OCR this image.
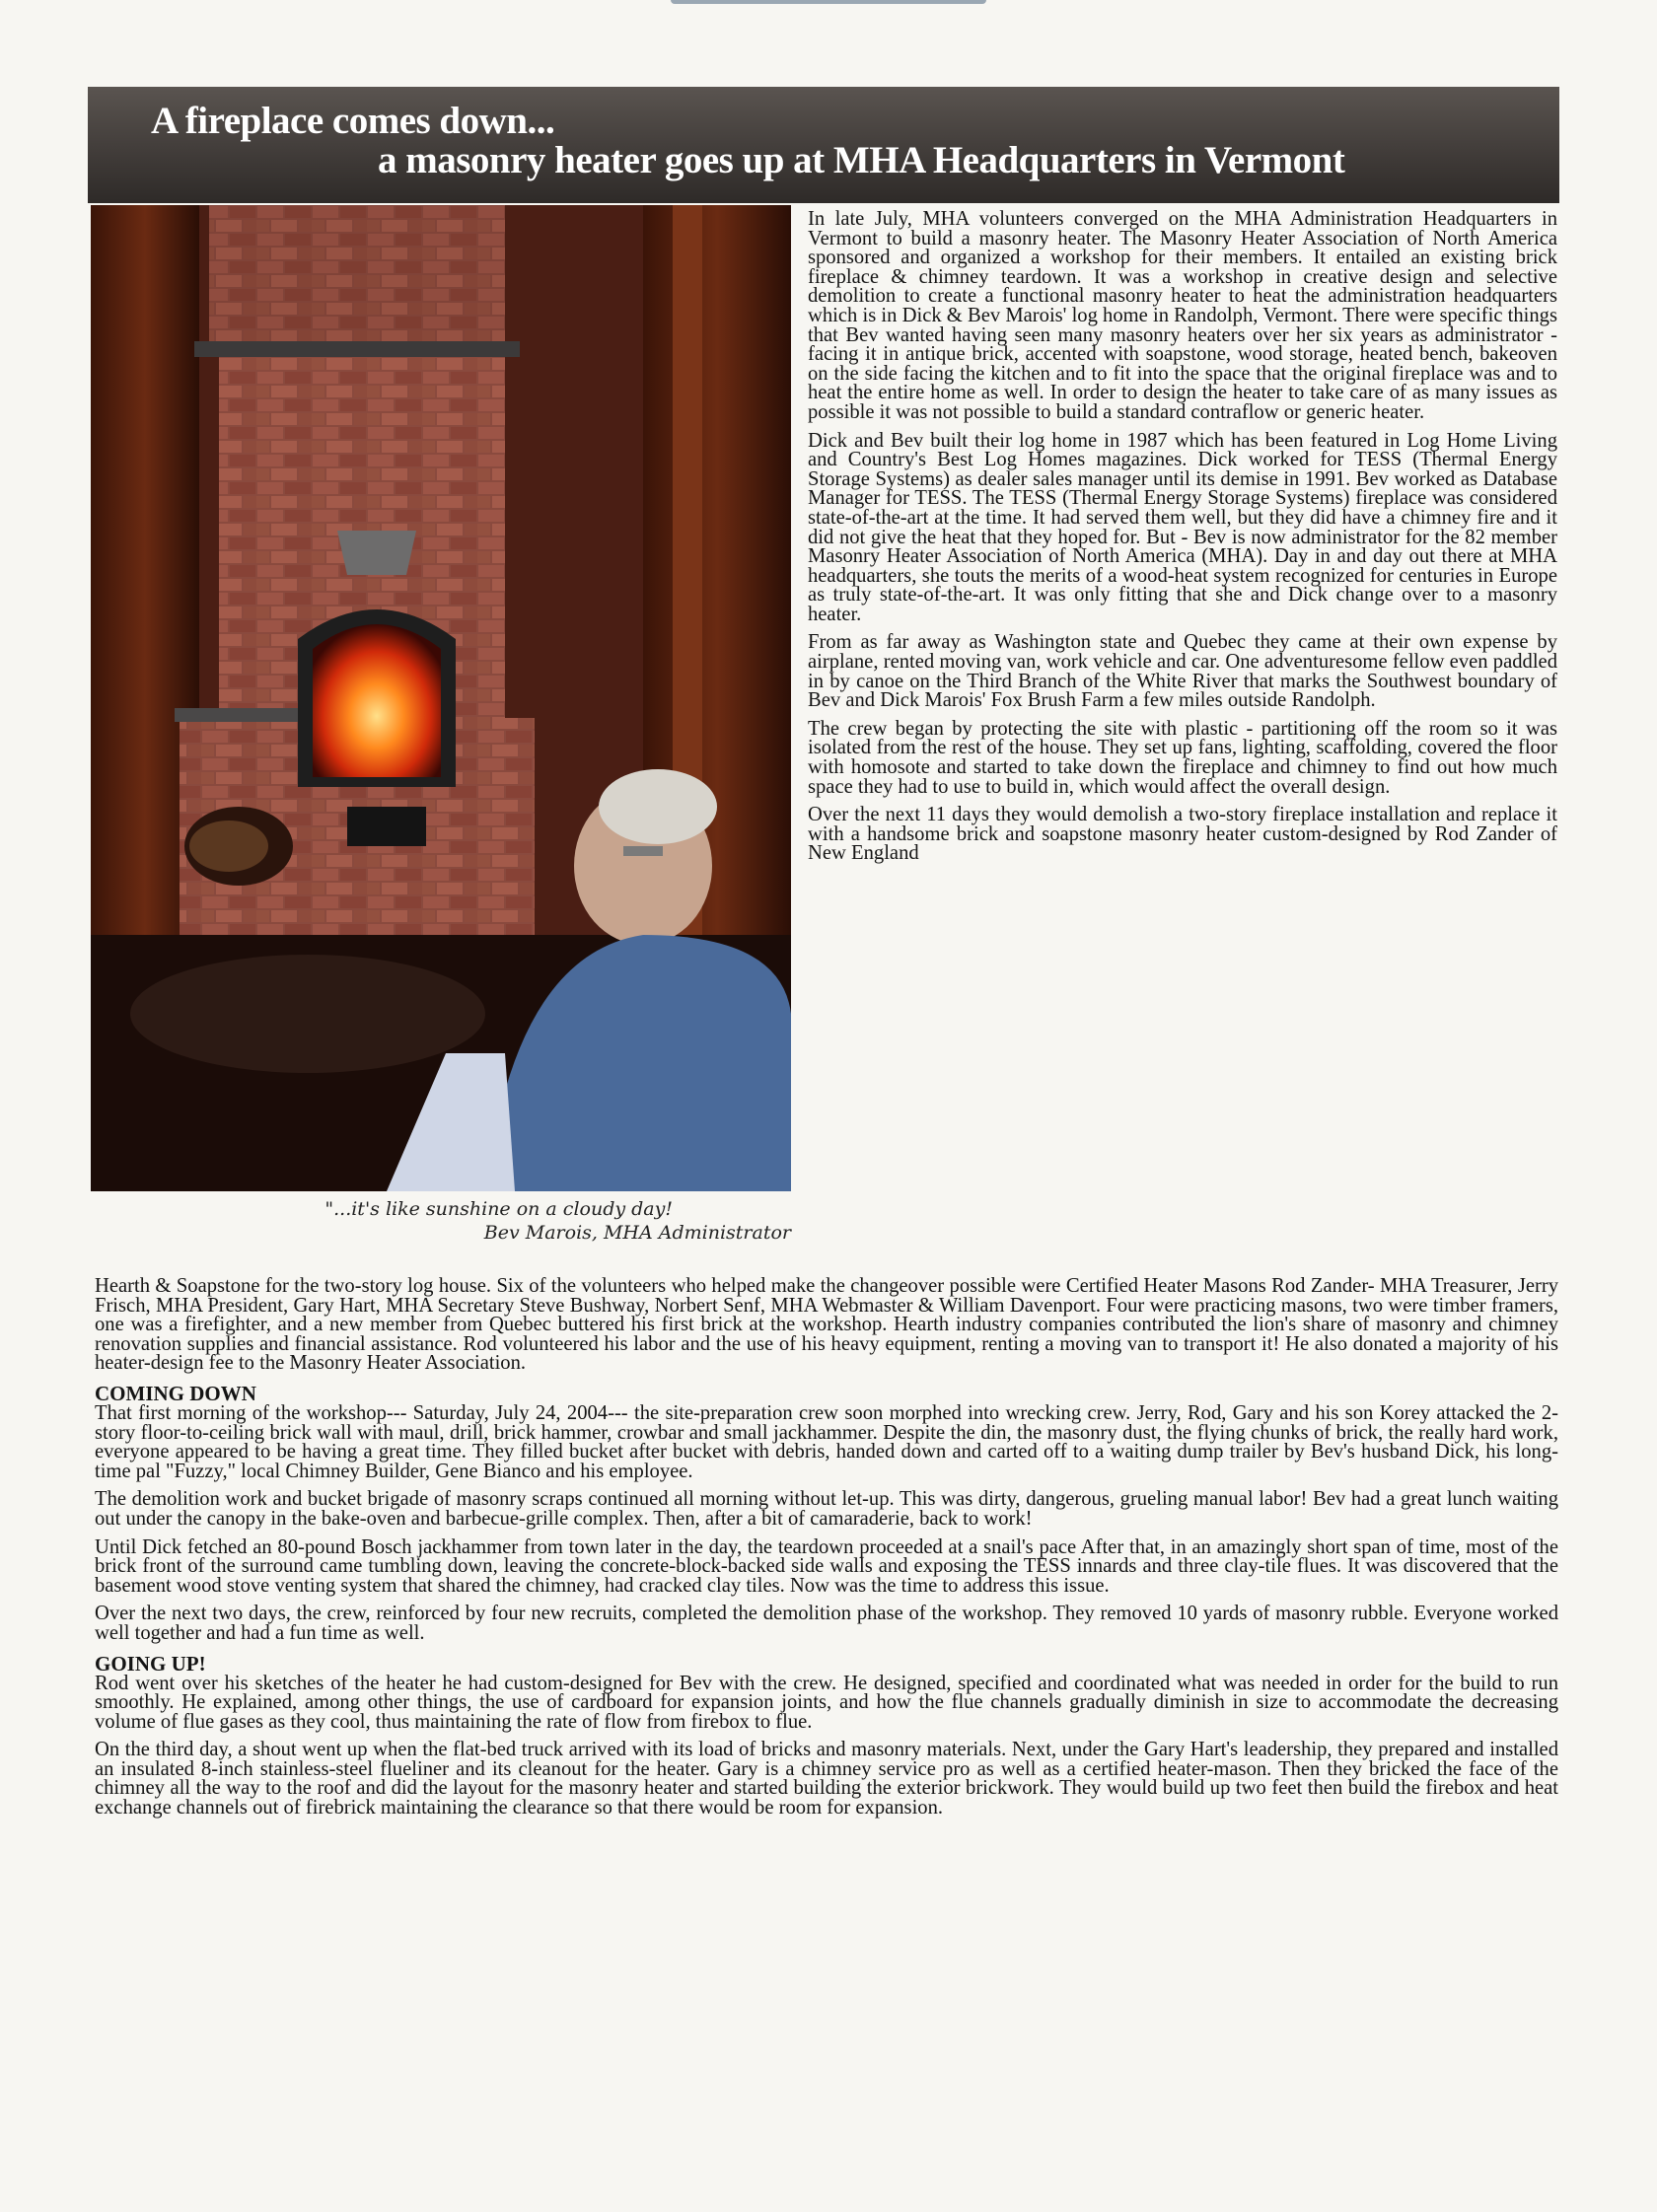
A fireplace comes down...
a masonry heater goes up at MHA Headquarters in Vermont
"...it's like sunshine on a cloudy day!
Bev Marois, MHA Administrator

In late July, MHA volunteers converged on the MHA Administration Headquarters in Vermont to build a masonry heater. The Masonry Heater Association of North America sponsored and organized a workshop for their members. It entailed an existing brick fireplace & chimney teardown. It was a workshop in creative design and selective demolition to create a functional masonry heater to heat the administration headquarters which is in Dick & Bev Marois' log home in Randolph, Vermont. There were specific things that Bev wanted having seen many masonry heaters over her six years as administrator - facing it in antique brick, accented with soapstone, wood storage, heated bench, bakeoven on the side facing the kitchen and to fit into the space that the original fireplace was and to heat the entire home as well. In order to design the heater to take care of as many issues as possible it was not possible to build a standard contraflow or generic heater.

Dick and Bev built their log home in 1987 which has been featured in Log Home Living and Country's Best Log Homes magazines. Dick worked for TESS (Thermal Energy Storage Systems) as dealer sales manager until its demise in 1991. Bev worked as Database Manager for TESS. The TESS (Thermal Energy Storage Systems) fireplace was considered state-of-the-art at the time. It had served them well, but they did have a chimney fire and it did not give the heat that they hoped for. But - Bev is now administrator for the 82 member Masonry Heater Association of North America (MHA). Day in and day out there at MHA headquarters, she touts the merits of a wood-heat system recognized for centuries in Europe as truly state-of-the-art. It was only fitting that she and Dick change over to a masonry heater.

From as far away as Washington state and Quebec they came at their own expense by airplane, rented moving van, work vehicle and car. One adventuresome fellow even paddled in by canoe on the Third Branch of the White River that marks the Southwest boundary of Bev and Dick Marois' Fox Brush Farm a few miles outside Randolph.

The crew began by protecting the site with plastic - partitioning off the room so it was isolated from the rest of the house. They set up fans, lighting, scaffolding, covered the floor with homosote and started to take down the fireplace and chimney to find out how much space they had to use to build in, which would affect the overall design.

Over the next 11 days they would demolish a two-story fireplace installation and replace it with a handsome brick and soapstone masonry heater custom-designed by Rod Zander of New England

Hearth & Soapstone for the two-story log house. Six of the volunteers who helped make the changeover possible were Certified Heater Masons Rod Zander- MHA Treasurer, Jerry Frisch, MHA President, Gary Hart, MHA Secretary Steve Bushway, Norbert Senf, MHA Webmaster & William Davenport. Four were practicing masons, two were timber framers, one was a firefighter, and a new member from Quebec buttered his first brick at the workshop. Hearth industry companies contributed the lion's share of masonry and chimney renovation supplies and financial assistance. Rod volunteered his labor and the use of his heavy equipment, renting a moving van to transport it! He also donated a majority of his heater-design fee to the Masonry Heater Association.

COMING DOWN

That first morning of the workshop--- Saturday, July 24, 2004--- the site-preparation crew soon morphed into wrecking crew. Jerry, Rod, Gary and his son Korey attacked the 2-story floor-to-ceiling brick wall with maul, drill, brick hammer, crowbar and small jackhammer. Despite the din, the masonry dust, the flying chunks of brick, the really hard work, everyone appeared to be having a great time. They filled bucket after bucket with debris, handed down and carted off to a waiting dump trailer by Bev's husband Dick, his long-time pal "Fuzzy," local Chimney Builder, Gene Bianco and his employee.

The demolition work and bucket brigade of masonry scraps continued all morning without let-up. This was dirty, dangerous, grueling manual labor! Bev had a great lunch waiting out under the canopy in the bake-oven and barbecue-grille complex. Then, after a bit of camaraderie, back to work!

Until Dick fetched an 80-pound Bosch jackhammer from town later in the day, the teardown proceeded at a snail's pace After that, in an amazingly short span of time, most of the brick front of the surround came tumbling down, leaving the concrete-block-backed side walls and exposing the TESS innards and three clay-tile flues. It was discovered that the basement wood stove venting system that shared the chimney, had cracked clay tiles. Now was the time to address this issue.

Over the next two days, the crew, reinforced by four new recruits, completed the demolition phase of the workshop. They removed 10 yards of masonry rubble. Everyone worked well together and had a fun time as well.

GOING UP!

Rod went over his sketches of the heater he had custom-designed for Bev with the crew. He designed, specified and coordinated what was needed in order for the build to run smoothly. He explained, among other things, the use of cardboard for expansion joints, and how the flue channels gradually diminish in size to accommodate the decreasing volume of flue gases as they cool, thus maintaining the rate of flow from firebox to flue.

On the third day, a shout went up when the flat-bed truck arrived with its load of bricks and masonry materials. Next, under the Gary Hart's leadership, they prepared and installed an insulated 8-inch stainless-steel flueliner and its cleanout for the heater. Gary is a chimney service pro as well as a certified heater-mason. Then they bricked the face of the chimney all the way to the roof and did the layout for the masonry heater and started building the exterior brickwork. They would build up two feet then build the firebox and heat exchange channels out of firebrick maintaining the clearance so that there would be room for expansion.
